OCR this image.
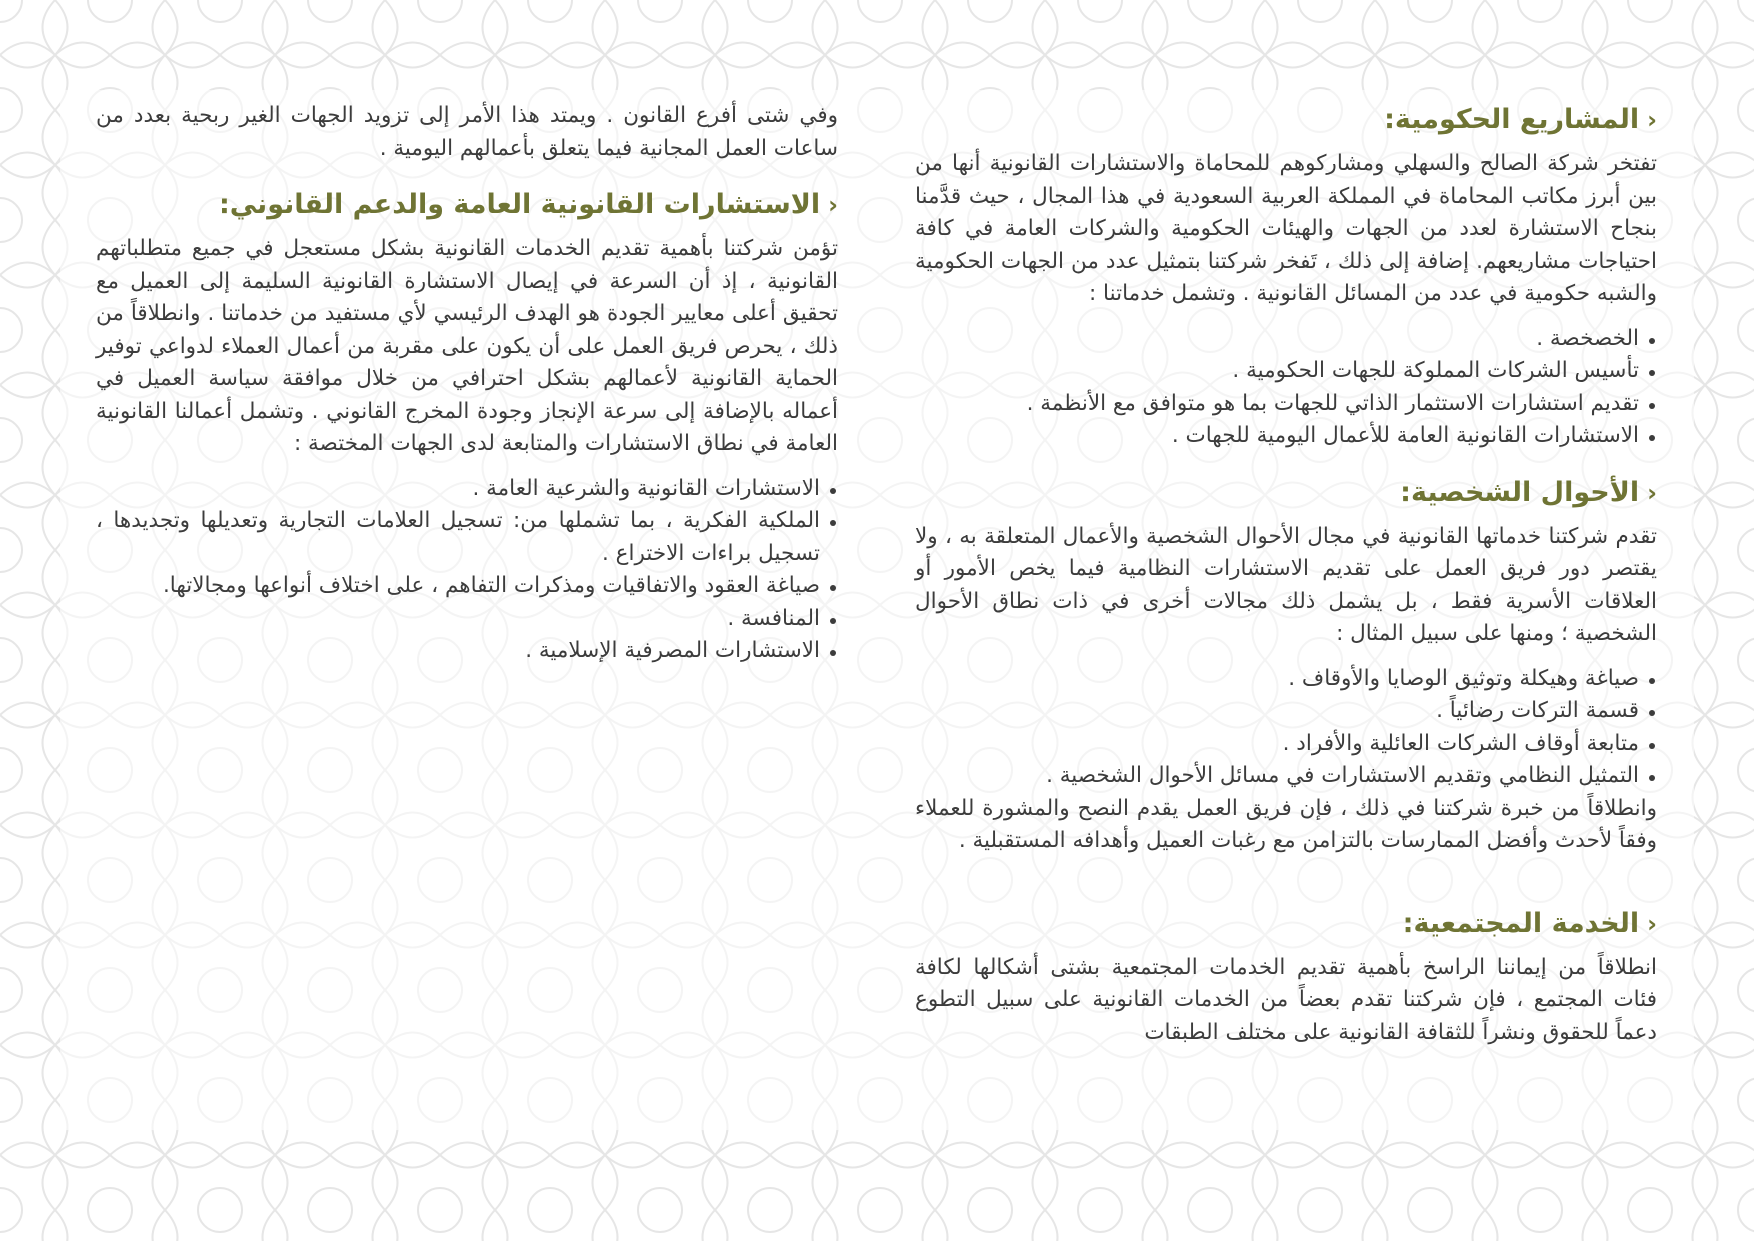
‹
المشاريع الحكومية:

تفتخر شركة الصالح والسهلي ومشاركوهم للمحاماة والاستشارات القانونية أنها من بين أبرز مكاتب المحاماة في المملكة العربية السعودية في هذا المجال ، حيث قدَّمنا بنجاح الاستشارة لعدد من الجهات والهيئات الحكومية والشركات العامة في كافة احتياجات مشاريعهم. إضافة إلى ذلك ، تَفخر شركتنا بتمثيل عدد من الجهات الحكومية والشبه حكومية في عدد من المسائل القانونية . وتشمل خدماتنا :

الخصخصة .
تأسيس الشركات المملوكة للجهات الحكومية .
تقديم استشارات الاستثمار الذاتي للجهات بما هو متوافق مع الأنظمة .
الاستشارات القانونية العامة للأعمال اليومية للجهات .
‹
الأحوال الشخصية:

تقدم شركتنا خدماتها القانونية في مجال الأحوال الشخصية والأعمال المتعلقة به ، ولا يقتصر دور فريق العمل على تقديم الاستشارات النظامية فيما يخص الأمور أو العلاقات الأسرية فقط ، بل يشمل ذلك مجالات أخرى في ذات نطاق الأحوال الشخصية ؛ ومنها على سبيل المثال :

صياغة وهيكلة وتوثيق الوصايا والأوقاف .
قسمة التركات رضائياً .
متابعة أوقاف الشركات العائلية والأفراد .
التمثيل النظامي وتقديم الاستشارات في مسائل الأحوال الشخصية .

وانطلاقاً من خبرة شركتنا في ذلك ، فإن فريق العمل يقدم النصح والمشورة للعملاء وفقاً لأحدث وأفضل الممارسات بالتزامن مع رغبات العميل وأهدافه المستقبلية .

‹
الخدمة المجتمعية:

انطلاقاً من إيماننا الراسخ بأهمية تقديم الخدمات المجتمعية بشتى أشكالها لكافة فئات المجتمع ، فإن شركتنا تقدم بعضاً من الخدمات القانونية على سبيل التطوع دعماً للحقوق ونشراً للثقافة القانونية على مختلف الطبقات

وفي شتى أفرع القانون . ويمتد هذا الأمر إلى تزويد الجهات الغير ربحية بعدد من ساعات العمل المجانية فيما يتعلق بأعمالهم اليومية .

‹
الاستشارات القانونية العامة والدعم القانوني:

تؤمن شركتنا بأهمية تقديم الخدمات القانونية بشكل مستعجل في جميع متطلباتهم القانونية ، إذ أن السرعة في إيصال الاستشارة القانونية السليمة إلى العميل مع تحقيق أعلى معايير الجودة هو الهدف الرئيسي لأي مستفيد من خدماتنا . وانطلاقاً من ذلك ، يحرص فريق العمل على أن يكون على مقربة من أعمال العملاء لدواعي توفير الحماية القانونية لأعمالهم بشكل احترافي من خلال موافقة سياسة العميل في أعماله بالإضافة إلى سرعة الإنجاز وجودة المخرج القانوني . وتشمل أعمالنا القانونية العامة في نطاق الاستشارات والمتابعة لدى الجهات المختصة :

الاستشارات القانونية والشرعية العامة .
الملكية الفكرية ، بما تشملها من: تسجيل العلامات التجارية وتعديلها وتجديدها ، تسجيل براءات الاختراع .
صياغة العقود والاتفاقيات ومذكرات التفاهم ، على اختلاف أنواعها ومجالاتها.
المنافسة .
الاستشارات المصرفية الإسلامية .
